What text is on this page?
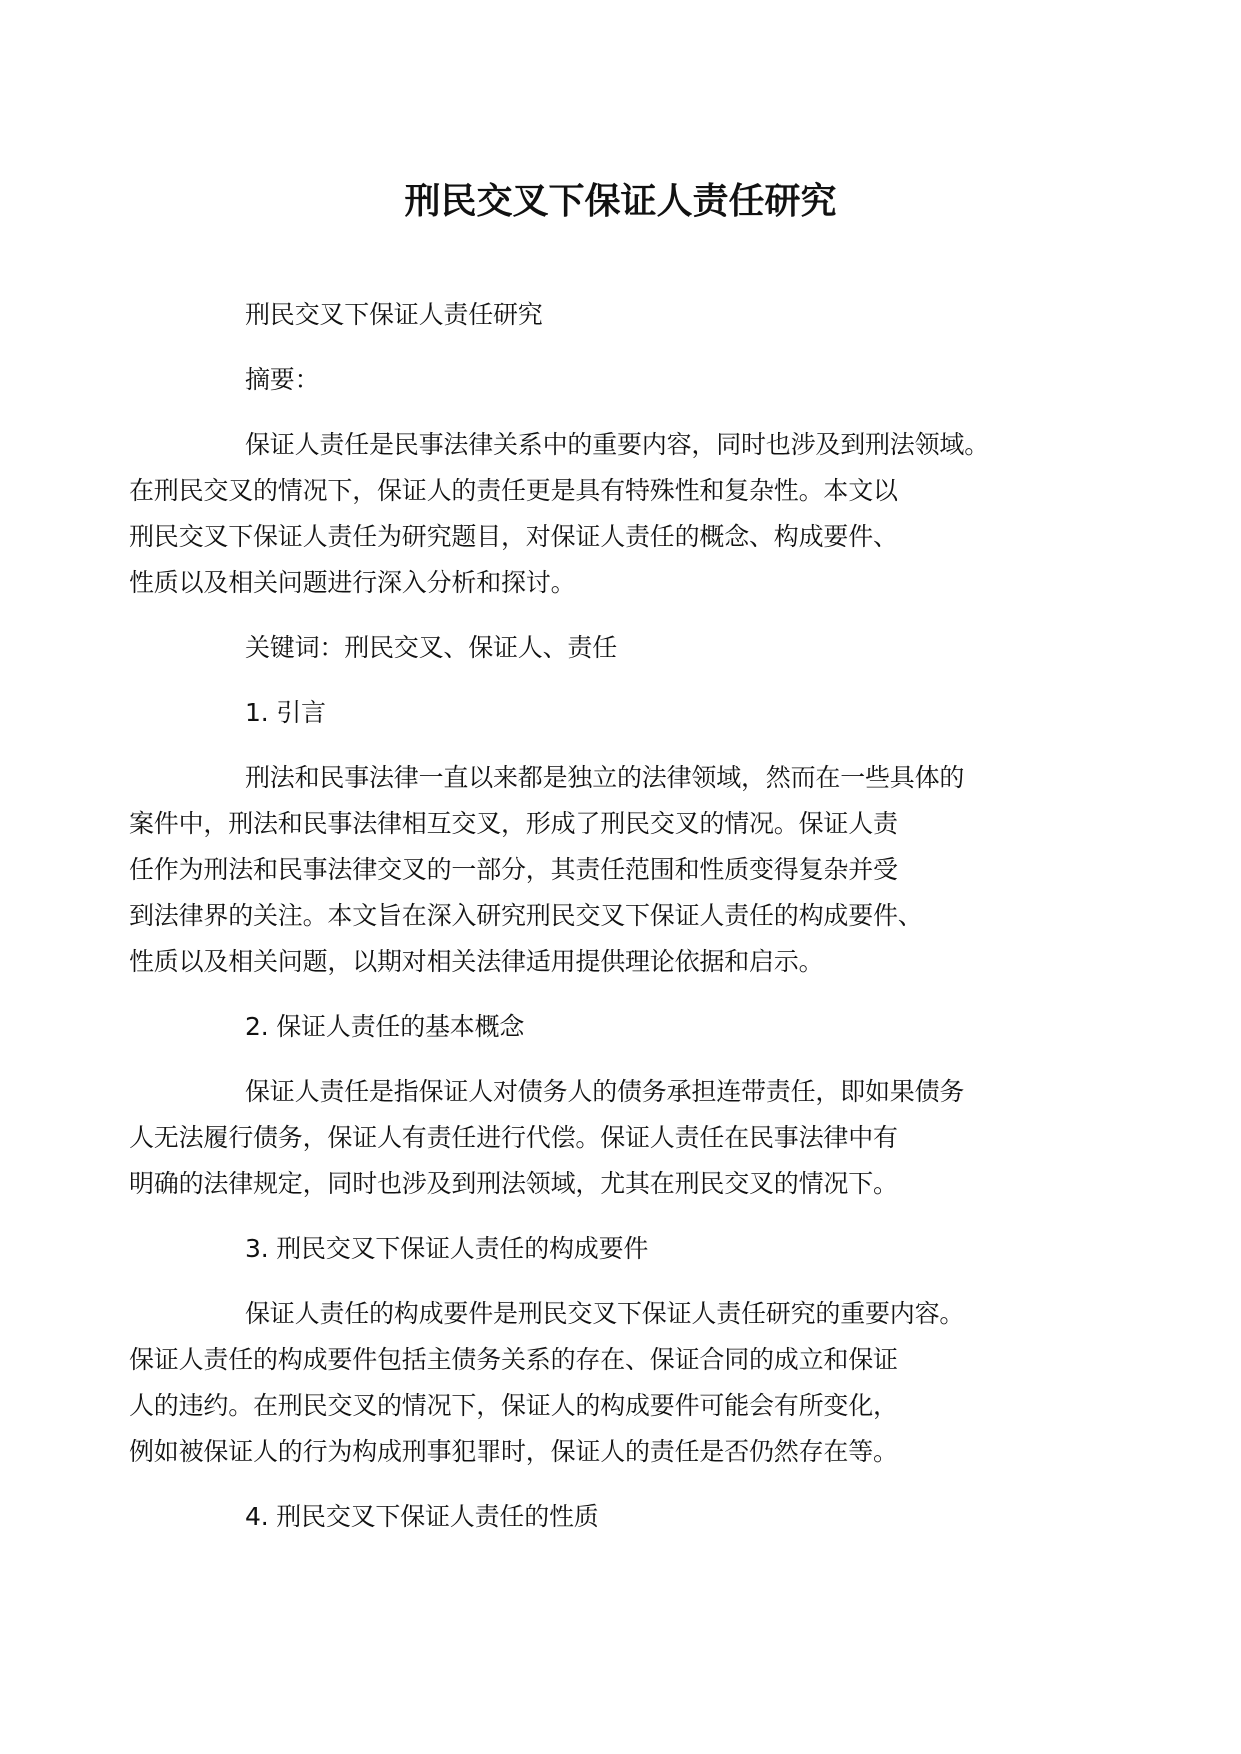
刑民交叉下保证人责任研究
刑民交叉下保证人责任研究
摘要：
保证人责任是民事法律关系中的重要内容，同时也涉及到刑法领域。
在刑民交叉的情况下，保证人的责任更是具有特殊性和复杂性。本文以
刑民交叉下保证人责任为研究题目，对保证人责任的概念、构成要件、
性质以及相关问题进行深入分析和探讨。
关键词：刑民交叉、保证人、责任
1. 引言
刑法和民事法律一直以来都是独立的法律领域，然而在一些具体的
案件中，刑法和民事法律相互交叉，形成了刑民交叉的情况。保证人责
任作为刑法和民事法律交叉的一部分，其责任范围和性质变得复杂并受
到法律界的关注。本文旨在深入研究刑民交叉下保证人责任的构成要件、
性质以及相关问题，以期对相关法律适用提供理论依据和启示。
2. 保证人责任的基本概念
保证人责任是指保证人对债务人的债务承担连带责任，即如果债务
人无法履行债务，保证人有责任进行代偿。保证人责任在民事法律中有
明确的法律规定，同时也涉及到刑法领域，尤其在刑民交叉的情况下。
3. 刑民交叉下保证人责任的构成要件
保证人责任的构成要件是刑民交叉下保证人责任研究的重要内容。
保证人责任的构成要件包括主债务关系的存在、保证合同的成立和保证
人的违约。在刑民交叉的情况下，保证人的构成要件可能会有所变化，
例如被保证人的行为构成刑事犯罪时，保证人的责任是否仍然存在等。
4. 刑民交叉下保证人责任的性质
